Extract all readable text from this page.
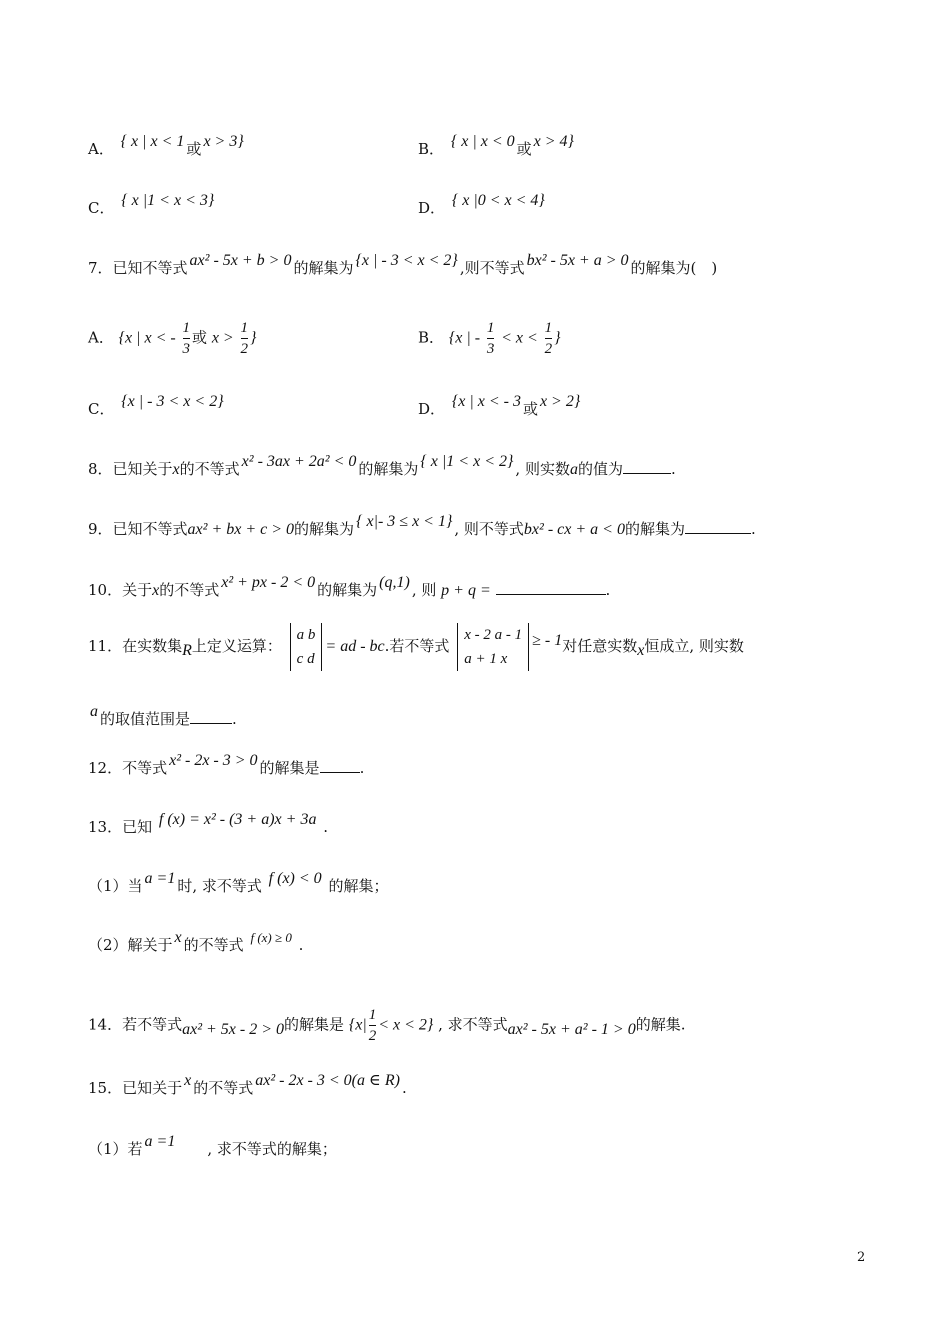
A． { x | x < 1 或 x > 3}	B． { x | x < 0 或 x > 4}
C． { x |1 < x < 3}	D． { x |0 < x < 4}
7．已知不等式 ax² - 5x + b > 0 的解集为 {x | - 3 < x < 2} ,则不等式 bx² - 5x + a > 0 的解集为(　)
A． {x | x < - $\frac{1}{3}$ 或 $x > \frac{1}{2}$ }	B． {x | - $\frac{1}{3} < x < \frac{1}{2}$ }
C． {x | - 3 < x < 2}	D． {x | x < - 3 或 x > 2}
8．已知关于x的不等式 x² - 3ax + 2a² < 0 的解集为 { x |1 < x < 2} , 则实数a的值为	.
9．已知不等式ax² + bx + c > 0的解集为 { x|- 3 ≤ x < 1} , 则不等式bx² - cx + a < 0的解集为	.
10．关于x的不等式 x² + px - 2 < 0 的解集为 (q,1) , 则 p + q =	.
11．在实数集R上定义运算：
a b
c d
= ad - bc.若不等式
x - 2 a - 1
a + 1 x
≥ - 1对任意实数x恒成立, 则实数
a 的取值范围是	.
12．不等式 x² - 2x - 3 > 0 的解集是	.
13．已知 f (x) = x² - (3 + a)x + 3a .
（1）当 a =1 时, 求不等式 f (x) < 0 的解集；
（2）解关于 x 的不等式 f (x) ≥ 0 .
14．若不等式ax² + 5x - 2 > 0的解集是 $\{x| \frac{1}{2} < x < 2\}$ , 求不等式ax² - 5x + a² - 1 > 0的解集.
15．已知关于 x 的不等式 ax² - 2x - 3 < 0(a ∈ R) .
（1）若 a =1 , 求不等式的解集；
2
